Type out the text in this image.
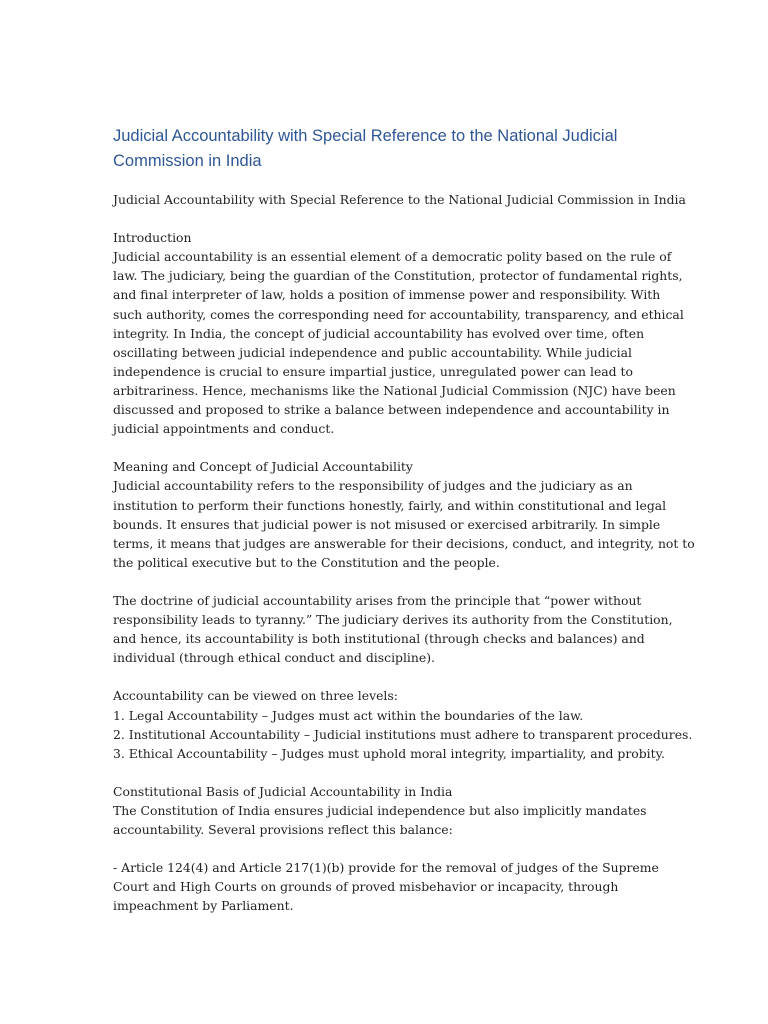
Judicial Accountability with Special Reference to the National Judicial
Commission in India

Judicial Accountability with Special Reference to the National Judicial Commission in India

Introduction
Judicial accountability is an essential element of a democratic polity based on the rule of
law. The judiciary, being the guardian of the Constitution, protector of fundamental rights,
and final interpreter of law, holds a position of immense power and responsibility. With
such authority, comes the corresponding need for accountability, transparency, and ethical
integrity. In India, the concept of judicial accountability has evolved over time, often
oscillating between judicial independence and public accountability. While judicial
independence is crucial to ensure impartial justice, unregulated power can lead to
arbitrariness. Hence, mechanisms like the National Judicial Commission (NJC) have been
discussed and proposed to strike a balance between independence and accountability in
judicial appointments and conduct.
Meaning and Concept of Judicial Accountability
Judicial accountability refers to the responsibility of judges and the judiciary as an
institution to perform their functions honestly, fairly, and within constitutional and legal
bounds. It ensures that judicial power is not misused or exercised arbitrarily. In simple
terms, it means that judges are answerable for their decisions, conduct, and integrity, not to
the political executive but to the Constitution and the people.
The doctrine of judicial accountability arises from the principle that “power without
responsibility leads to tyranny.” The judiciary derives its authority from the Constitution,
and hence, its accountability is both institutional (through checks and balances) and
individual (through ethical conduct and discipline).
Accountability can be viewed on three levels:
1. Legal Accountability – Judges must act within the boundaries of the law.
2. Institutional Accountability – Judicial institutions must adhere to transparent procedures.
3. Ethical Accountability – Judges must uphold moral integrity, impartiality, and probity.
Constitutional Basis of Judicial Accountability in India
The Constitution of India ensures judicial independence but also implicitly mandates
accountability. Several provisions reflect this balance:
- Article 124(4) and Article 217(1)(b) provide for the removal of judges of the Supreme
Court and High Courts on grounds of proved misbehavior or incapacity, through
impeachment by Parliament.
